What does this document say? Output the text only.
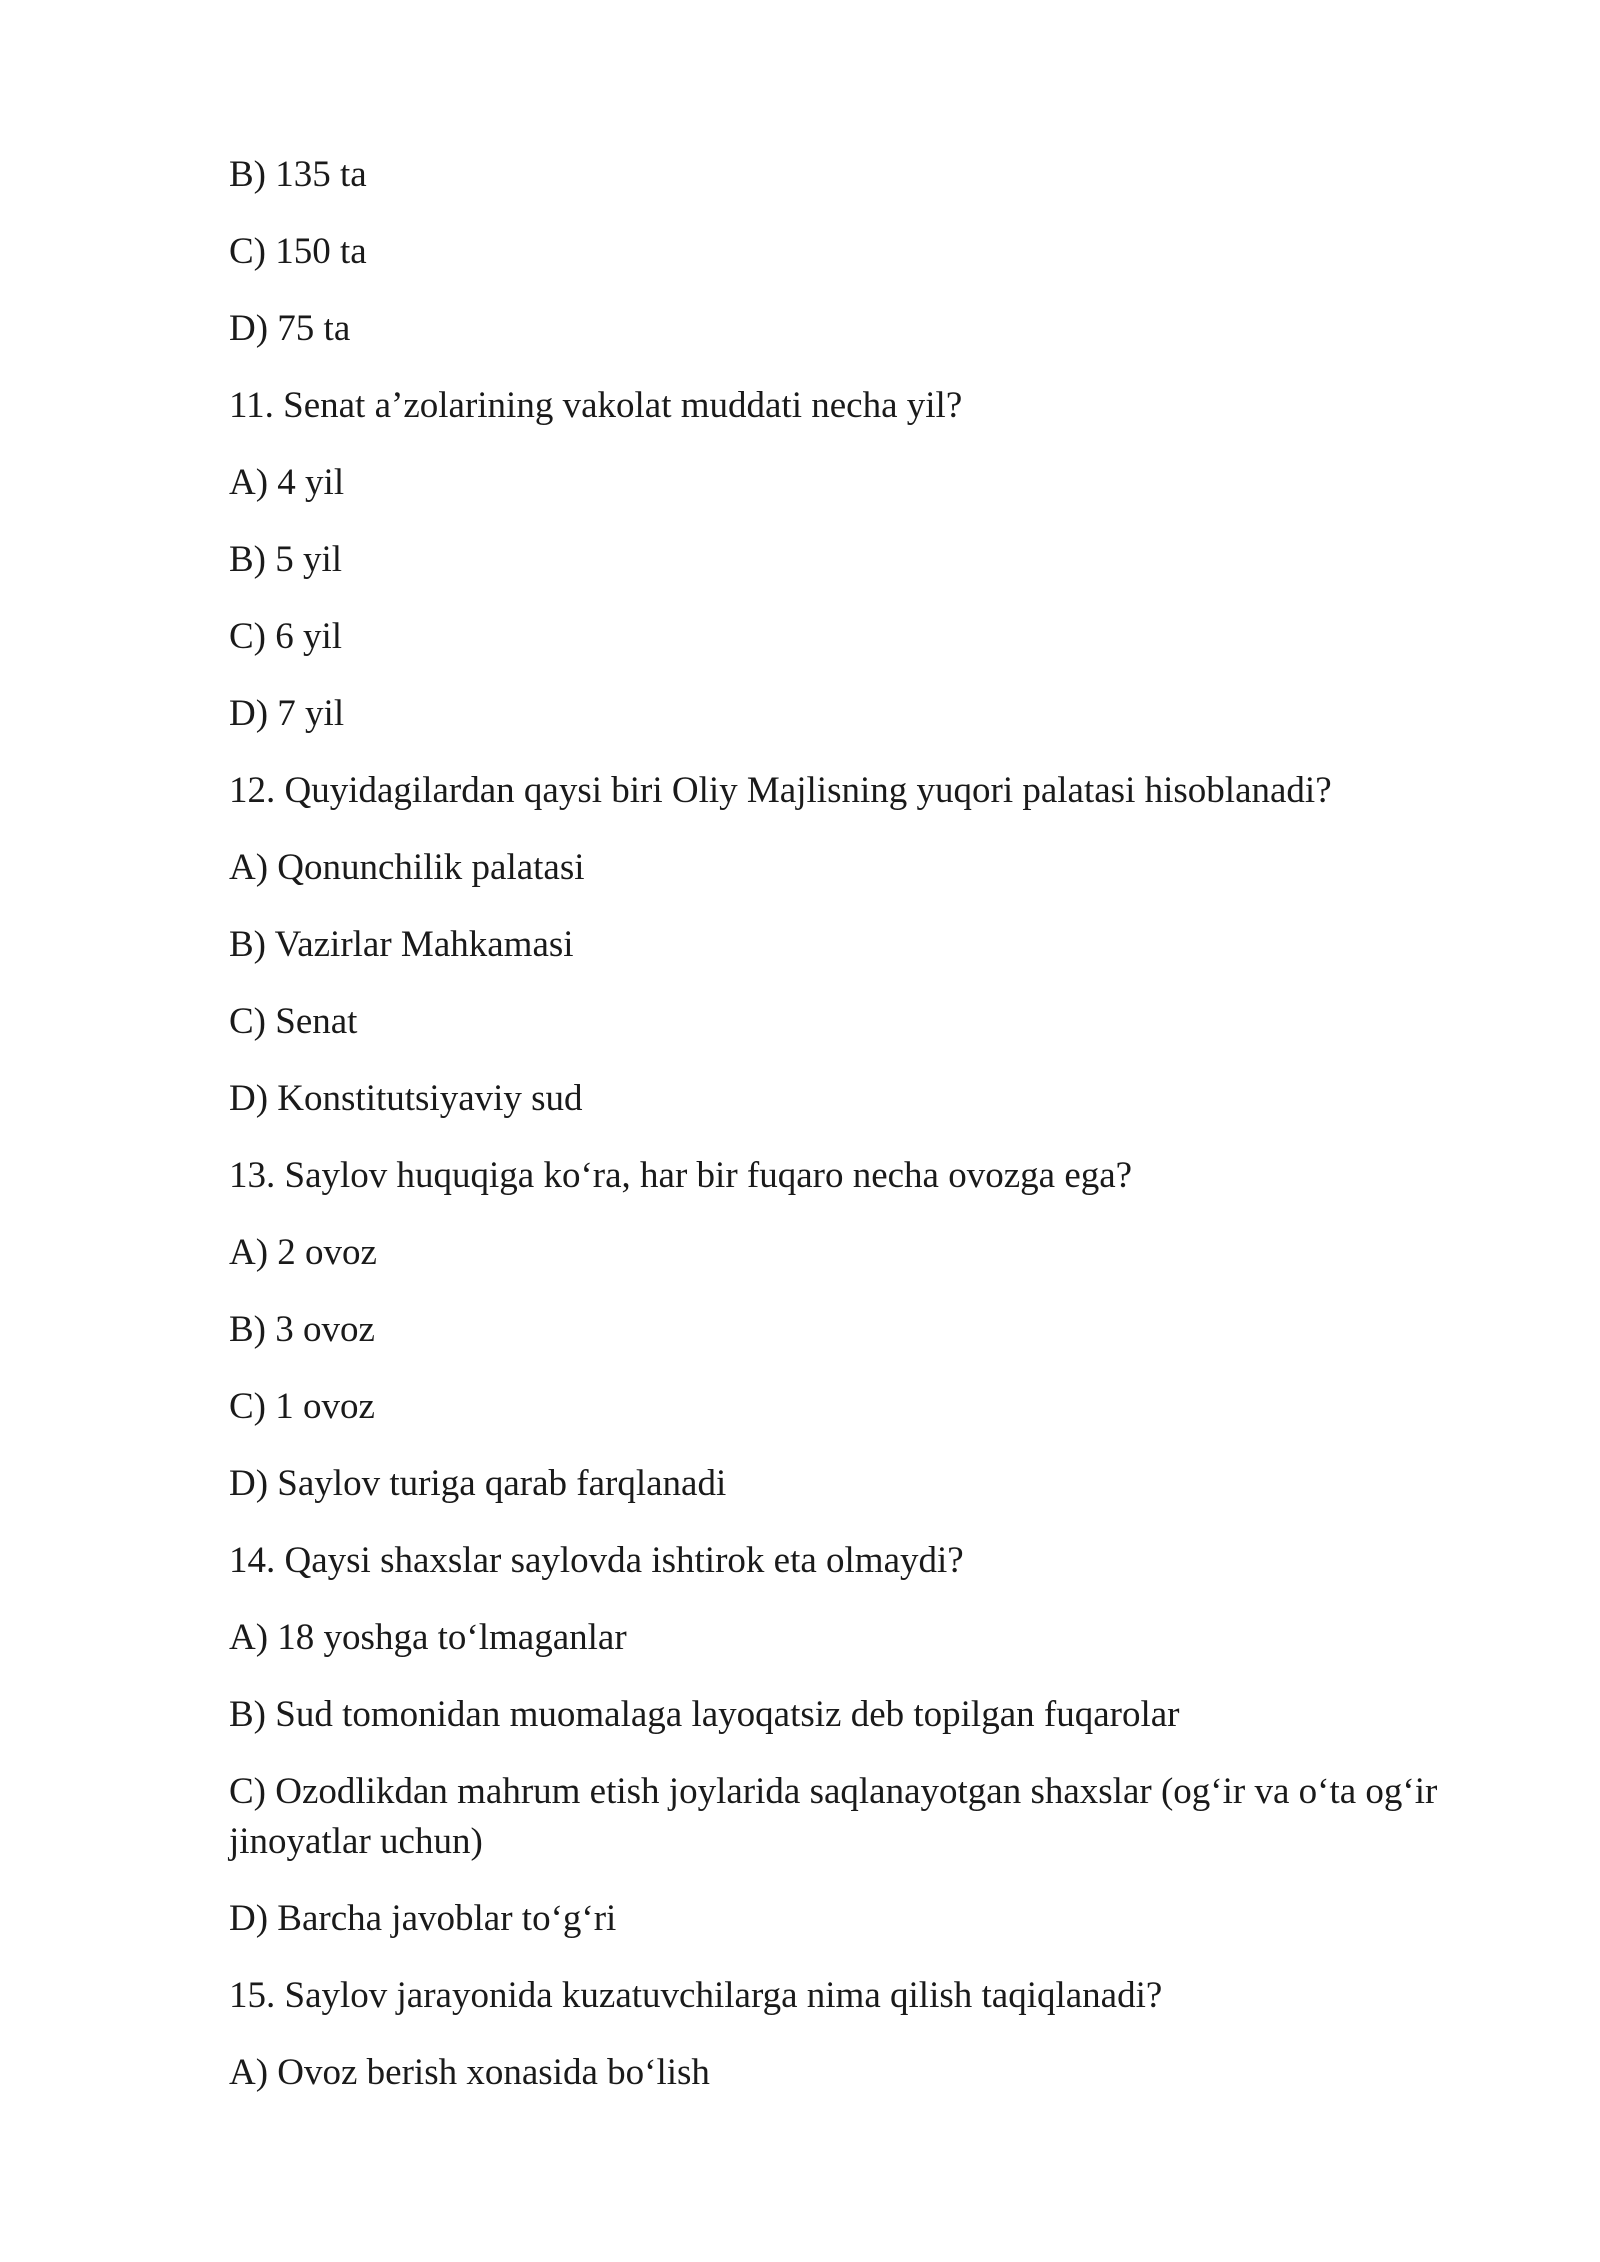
B) 135 ta

C) 150 ta

D) 75 ta

11. Senat a’zolarining vakolat muddati necha yil?

A) 4 yil

B) 5 yil

C) 6 yil

D) 7 yil

12. Quyidagilardan qaysi biri Oliy Majlisning yuqori palatasi hisoblanadi?

A) Qonunchilik palatasi

B) Vazirlar Mahkamasi

C) Senat

D) Konstitutsiyaviy sud

13. Saylov huquqiga ko‘ra, har bir fuqaro necha ovozga ega?

A) 2 ovoz

B) 3 ovoz

C) 1 ovoz

D) Saylov turiga qarab farqlanadi

14. Qaysi shaxslar saylovda ishtirok eta olmaydi?

A) 18 yoshga to‘lmaganlar

B) Sud tomonidan muomalaga layoqatsiz deb topilgan fuqarolar

C) Ozodlikdan mahrum etish joylarida saqlanayotgan shaxslar (og‘ir va o‘ta og‘ir jinoyatlar uchun)

D) Barcha javoblar to‘g‘ri

15. Saylov jarayonida kuzatuvchilarga nima qilish taqiqlanadi?

A) Ovoz berish xonasida bo‘lish
